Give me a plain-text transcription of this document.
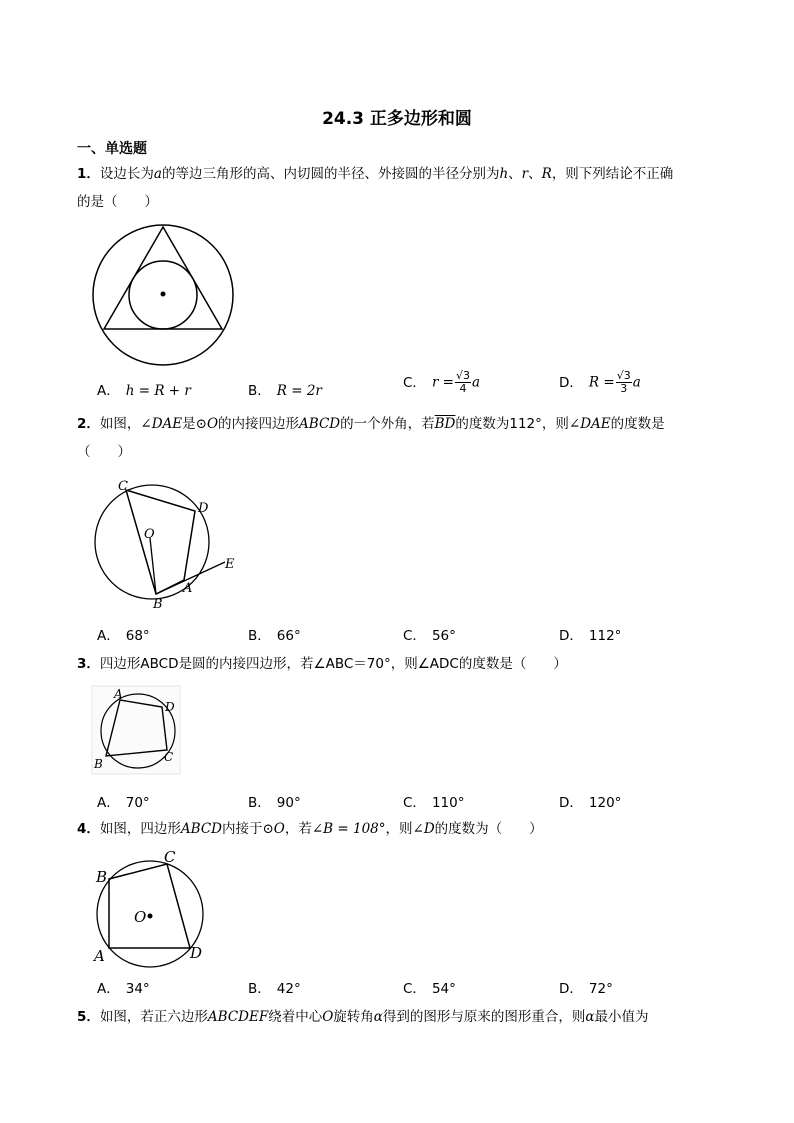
24.3 正多边形和圆
一、单选题
1．设边长为a的等边三角形的高、内切圆的半径、外接圆的半径分别为h、r、R，则下列结论不正确
的是（　　）
A． h = R + r	B． R = 2r
C． $r = \frac{√3}{4}$ a	D． $R = \frac{√3}{3}$ a
2．如图，∠DAE是⊙O的内接四边形ABCD的一个外角，若$\overline{BD}$的度数为112°，则∠DAE的度数是
（　　）
C
D
O
E
A
B
A． 68°	B． 66°	C． 56°	D． 112°
3．四边形ABCD是圆的内接四边形，若∠ABC＝70°，则∠ADC的度数是（　　）
A
D
C
B
A． 70°	B． 90°	C． 110°	D． 120°
4．如图，四边形ABCD内接于⊙O，若∠B = 108°，则∠D的度数为（　　）
C
B
O
A	D
A． 34°	B． 42°	C． 54°	D． 72°
5．如图，若正六边形ABCDEF绕着中心O旋转角α得到的图形与原来的图形重合，则α最小值为
